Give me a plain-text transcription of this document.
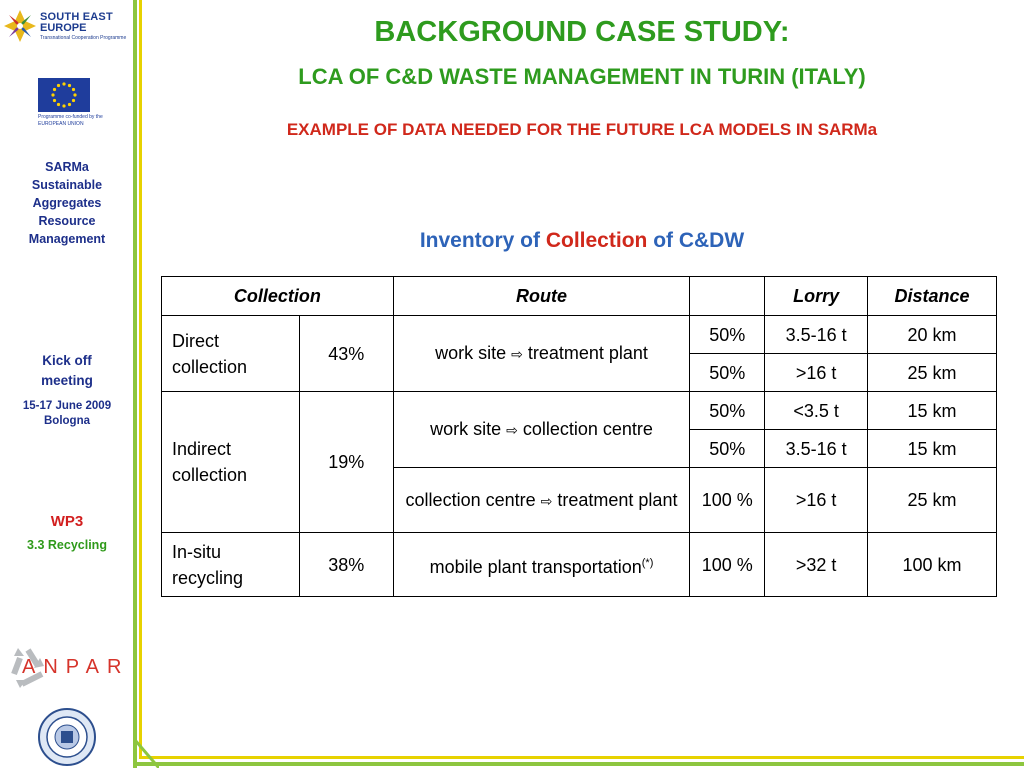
SOUTH EAST
EUROPE
Transnational Cooperation Programme
Programme co-funded by the
EUROPEAN UNION
SARMa
Sustainable
Aggregates
Resource
Management
Kick off
meeting
15-17 June 2009
Bologna
WP3
3.3 Recycling
ANPAR
BACKGROUND CASE STUDY:
LCA OF C&D WASTE MANAGEMENT IN TURIN (ITALY)
EXAMPLE OF DATA NEEDED FOR THE FUTURE LCA MODELS IN SARMa
Inventory of Collection of C&DW
Collection		Route		Lorry	Distance
Direct collection	43%	work site ⇨ treatment plant	50%	3.5-16 t	20 km
			50%	>16 t	25 km
Indirect collection	19%	work site ⇨ collection centre	50%	<3.5 t	15 km
			50%	3.5-16 t	15 km
		collection centre ⇨ treatment plant	100 %	>16 t	25 km
In-situ recycling	38%	mobile plant transportation(*)	100 %	>32 t	100 km
